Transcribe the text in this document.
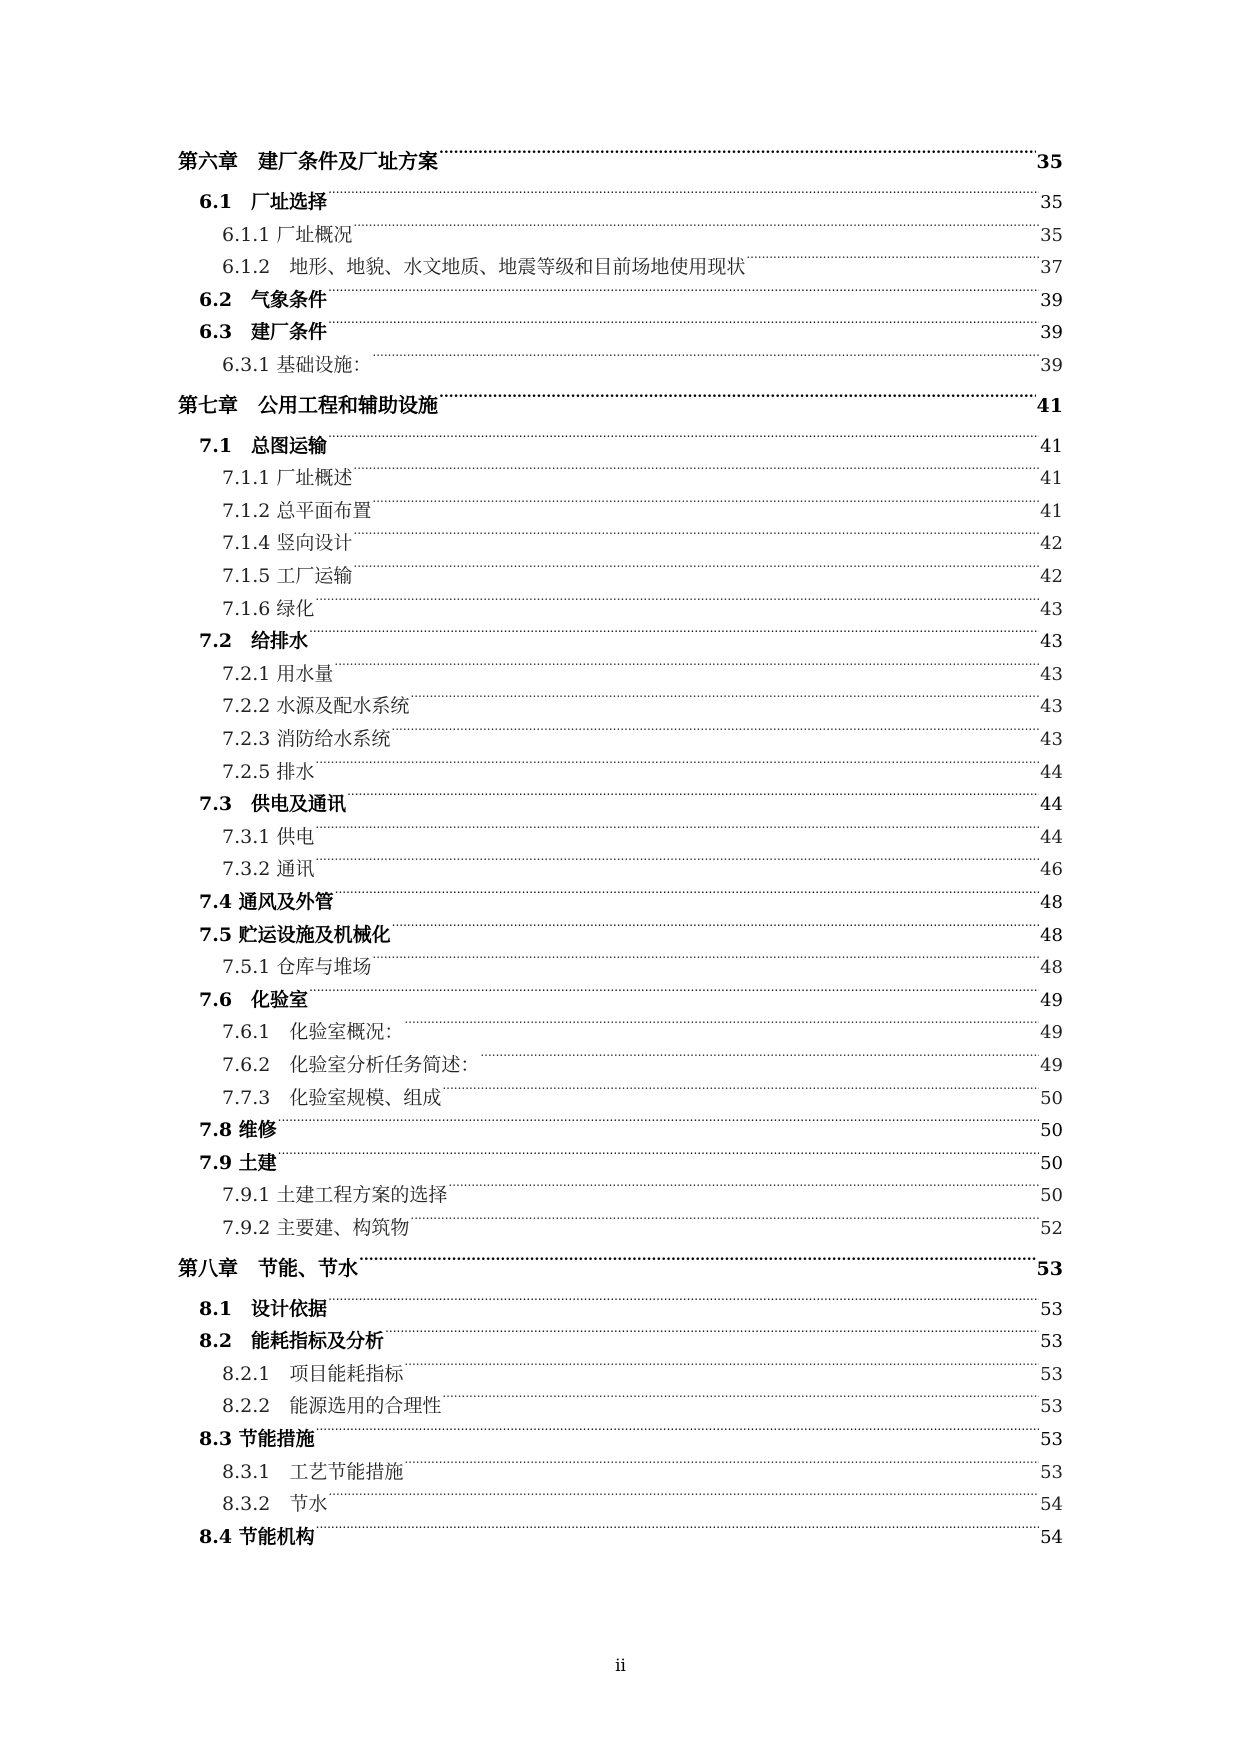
第六章　建厂条件及厂址方案 .....	35
6.1　厂址选择 .....	35
6.1.1 厂址概况 .....	35
6.1.2　地形、地貌、水文地质、地震等级和目前场地使用现状 .....	37
6.2　气象条件 .....	39
6.3　建厂条件 .....	39
6.3.1 基础设施： .....	39
第七章　公用工程和辅助设施 .....	41
7.1　总图运输 .....	41
7.1.1 厂址概述 .....	41
7.1.2 总平面布置 .....	41
7.1.4 竖向设计 .....	42
7.1.5 工厂运输 .....	42
7.1.6 绿化 .....	43
7.2　给排水 .....	43
7.2.1 用水量 .....	43
7.2.2 水源及配水系统 .....	43
7.2.3 消防给水系统 .....	43
7.2.5 排水 .....	44
7.3　供电及通讯 .....	44
7.3.1 供电 .....	44
7.3.2 通讯 .....	46
7.4 通风及外管 .....	48
7.5 贮运设施及机械化 .....	48
7.5.1 仓库与堆场 .....	48
7.6　化验室 .....	49
7.6.1　化验室概况： .....	49
7.6.2　化验室分析任务简述： .....	49
7.7.3　化验室规模、组成 .....	50
7.8 维修 .....	50
7.9 土建 .....	50
7.9.1 土建工程方案的选择 .....	50
7.9.2 主要建、构筑物 .....	52
第八章　节能、节水 .....	53
8.1　设计依据 .....	53
8.2　能耗指标及分析 .....	53
8.2.1　项目能耗指标 .....	53
8.2.2　能源选用的合理性 .....	53
8.3 节能措施 .....	53
8.3.1　工艺节能措施 .....	53
8.3.2　节水 .....	54
8.4 节能机构 .....	54
ii
